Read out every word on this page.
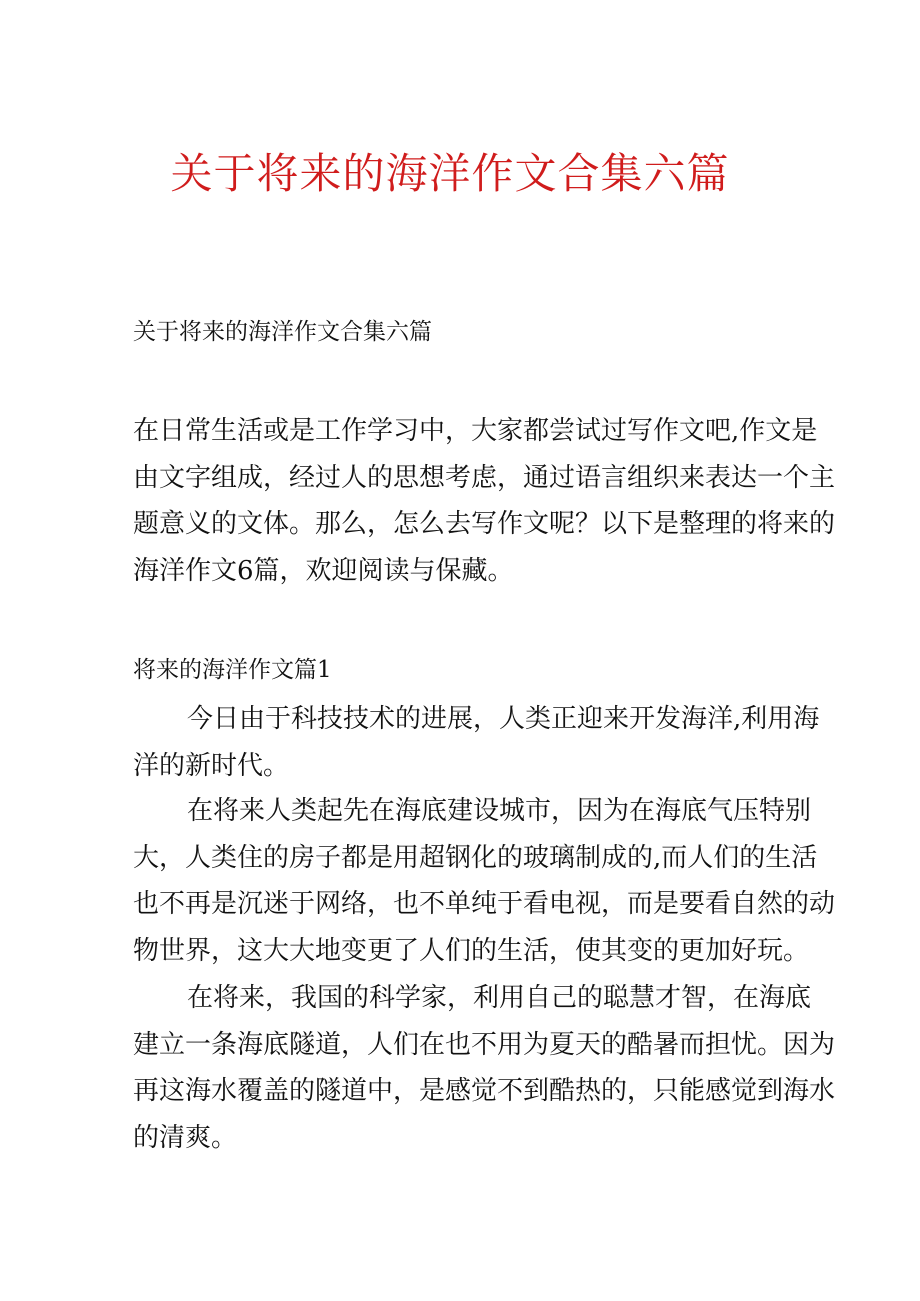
关于将来的海洋作文合集六篇

关于将来的海洋作文合集六篇

在日常生活或是工作学习中，大家都尝试过写作文吧,作文是
由文字组成，经过人的思想考虑，通过语言组织来表达一个主
题意义的文体。那么，怎么去写作文呢？以下是整理的将来的
海洋作文6篇，欢迎阅读与保藏。

将来的海洋作文篇1

今日由于科技技术的进展，人类正迎来开发海洋,利用海
洋的新时代。

在将来人类起先在海底建设城市，因为在海底气压特别
大，人类住的房子都是用超钢化的玻璃制成的,而人们的生活
也不再是沉迷于网络，也不单纯于看电视，而是要看自然的动
物世界，这大大地变更了人们的生活，使其变的更加好玩。

在将来，我国的科学家，利用自己的聪慧才智，在海底
建立一条海底隧道，人们在也不用为夏天的酷暑而担忧。因为
再这海水覆盖的隧道中，是感觉不到酷热的，只能感觉到海水
的清爽。
